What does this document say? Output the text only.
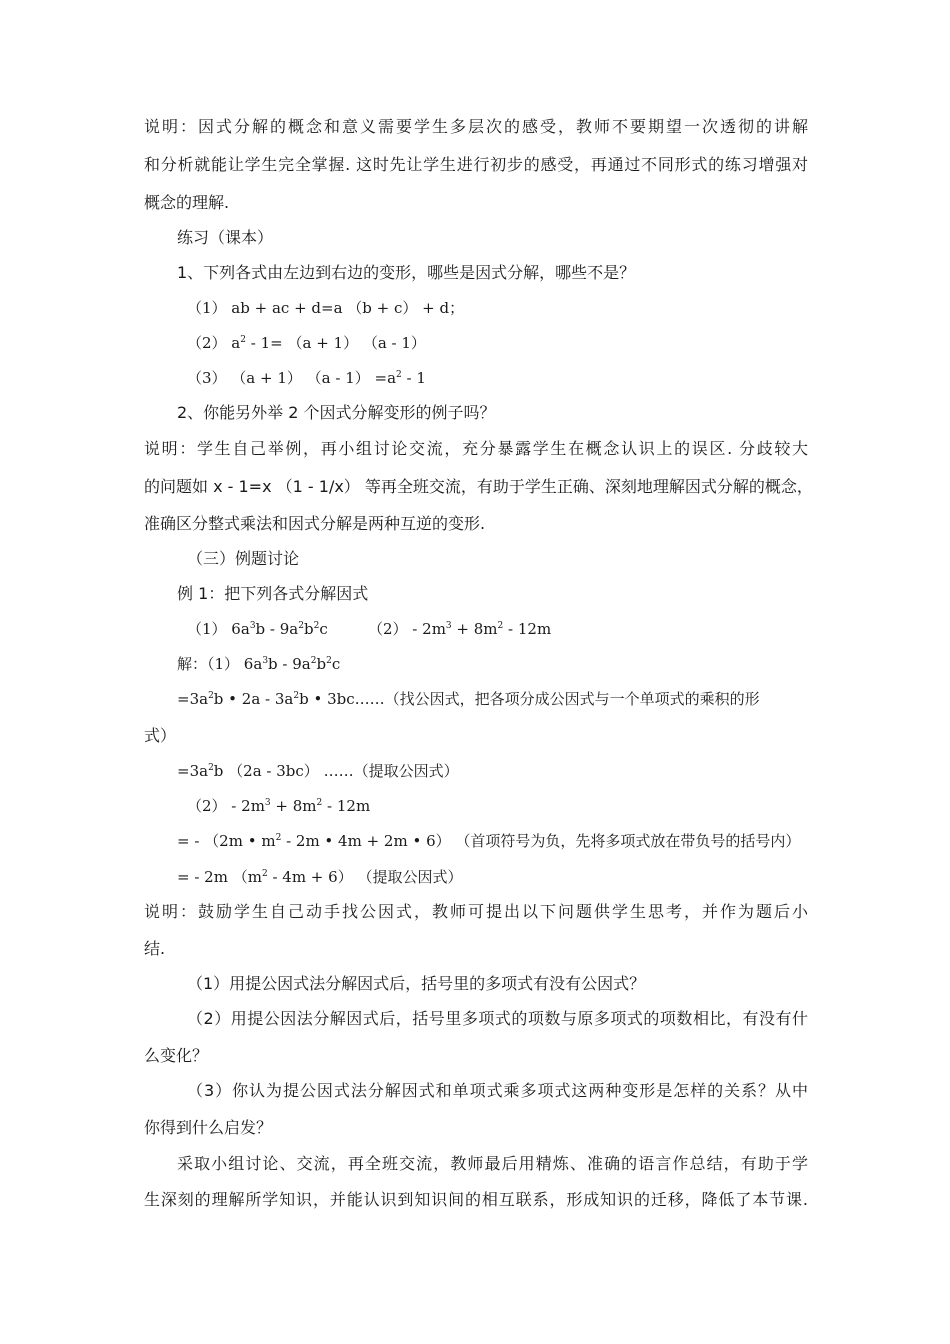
说明：因式分解的概念和意义需要学生多层次的感受，教师不要期望一次透彻的讲解
和分析就能让学生完全掌握. 这时先让学生进行初步的感受，再通过不同形式的练习增强对
概念的理解.
练习（课本）
1、下列各式由左边到右边的变形，哪些是因式分解，哪些不是？
（1） ab + ac + d=a （b + c） + d；
（2） $a^2 - 1= (a + 1)$ （a - 1）
（3） （a + 1） $(a - 1) =a^2 - 1$
2、你能另外举 2 个因式分解变形的例子吗？
说明：学生自己举例，再小组讨论交流，充分暴露学生在概念认识上的误区. 分歧较大
的问题如 x - 1=x （1 - 1/x） 等再全班交流，有助于学生正确、深刻地理解因式分解的概念，
准确区分整式乘法和因式分解是两种互逆的变形.
（三）例题讨论
例 1：把下列各式分解因式
（1） $6a^3b - 9a^2b^2c$	$(2) - 2m^3 + 8m^2 - 12m$
解：（1） $6a^3b - 9a^2b^2c$
$=3a^2b$ • $2a - 3a^2b$ • 3bc……（找公因式，把各项分成公因式与一个单项式的乘积的形
式）
$=3a^2b$ （2a - 3bc） ……（提取公因式）
$(2) - 2m^3 + 8m^2 - 12m$
= - （2m • $m^2 - 2m$ • 4m + 2m • 6） （首项符号为负，先将多项式放在带负号的括号内）
= - 2m $(m^2 - 4m + 6)$ （提取公因式）
说明：鼓励学生自己动手找公因式，教师可提出以下问题供学生思考，并作为题后小
结.
（1）用提公因式法分解因式后，括号里的多项式有没有公因式？
（2）用提公因法分解因式后，括号里多项式的项数与原多项式的项数相比，有没有什
么变化？
（3）你认为提公因式法分解因式和单项式乘多项式这两种变形是怎样的关系？从中
你得到什么启发？
采取小组讨论、交流，再全班交流，教师最后用精炼、准确的语言作总结，有助于学
生深刻的理解所学知识，并能认识到知识间的相互联系，形成知识的迁移，降低了本节课.
